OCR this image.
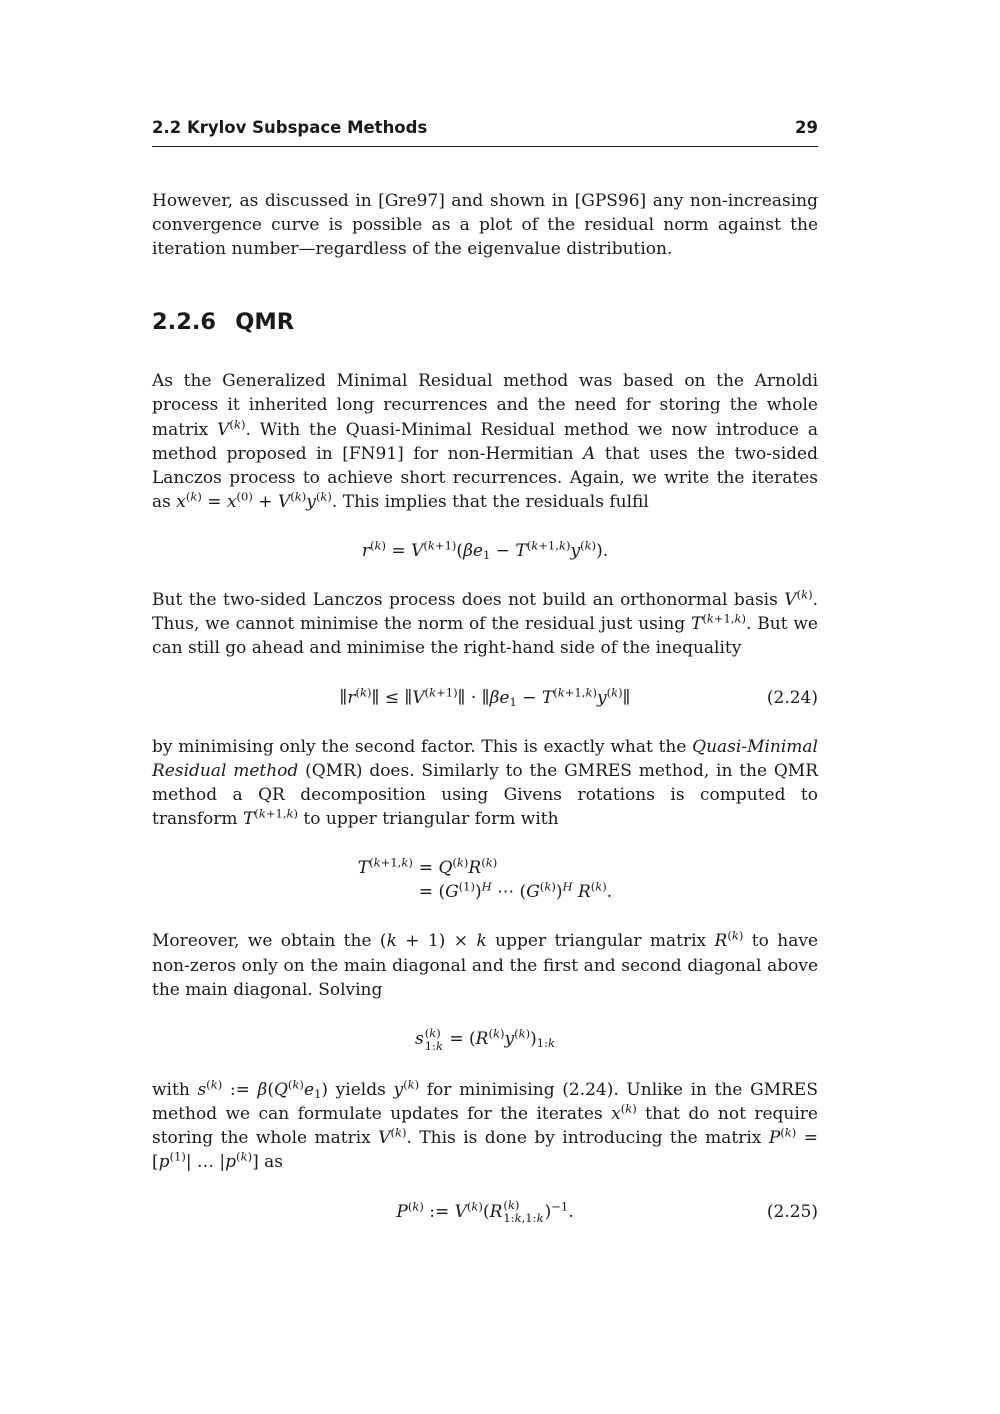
2.2 Krylov Subspace Methods	29

However, as discussed in [Gre97] and shown in [GPS96] any non-increasing convergence curve is possible as a plot of the residual norm against the iteration number—regardless of the eigenvalue distribution.

2.2.6 QMR

As the Generalized Minimal Residual method was based on the Arnoldi process it inherited long recurrences and the need for storing the whole matrix $V^{(k)}$. With the Quasi-Minimal Residual method we now introduce a method proposed in [FN91] for non-Hermitian A that uses the two-sided Lanczos process to achieve short recurrences. Again, we write the iterates as $x^{(k)} = x^{(0)} + V^{(k)}y^{(k)}$. This implies that the residuals fulfil

$r^{(k)} = V^{(k+1)}(\beta e_1 - T^{(k+1,k)}y^{(k)})$.

But the two-sided Lanczos process does not build an orthonormal basis $V^{(k)}$. Thus, we cannot minimise the norm of the residual just using $T^{(k+1,k)}$. But we can still go ahead and minimise the right-hand side of the inequality

$\parallel r^{(k)}\parallel$ ≤ $\parallel V^{(k+1)}\parallel$ · $\parallel\beta e_1$ − $T^{(k+1,k)}y^{(k)}\parallel$	(2.24)

by minimising only the second factor. This is exactly what the Quasi-Minimal Residual method (QMR) does. Similarly to the GMRES method, in the QMR method a QR decomposition using Givens rotations is computed to transform $T^{(k+1,k)}$ to upper triangular form with

$T^{(k+1,k)}$	= $Q^{(k)}R^{(k)}$
	= $(G^{(1)})^H$ ⋯ $(G^{(k)})^H$ $R^{(k)}$.

Moreover, we obtain the (k + 1) × k upper triangular matrix $R^{(k)}$ to have non-zeros only on the main diagonal and the first and second diagonal above the main diagonal. Solving

s (k)
1:k = $(R^{(k)}y^{(k)})_{1:k}$

with $s^{(k)}$ := $\beta(Q^{(k)}e_1)$ yields $y^{(k)}$ for minimising (2.24). Unlike in the GMRES method we can formulate updates for the iterates $x^{(k)}$ that do not require storing the whole matrix $V^{(k)}$. This is done by introducing the matrix $P^{(k)} = [p^{(1)}|$ … $|p^{(k)}$] as

$P^{(k)}$ := $V^{(k)}(R$ (k)
1:k,1:k )$^{-1}$.	(2.25)
